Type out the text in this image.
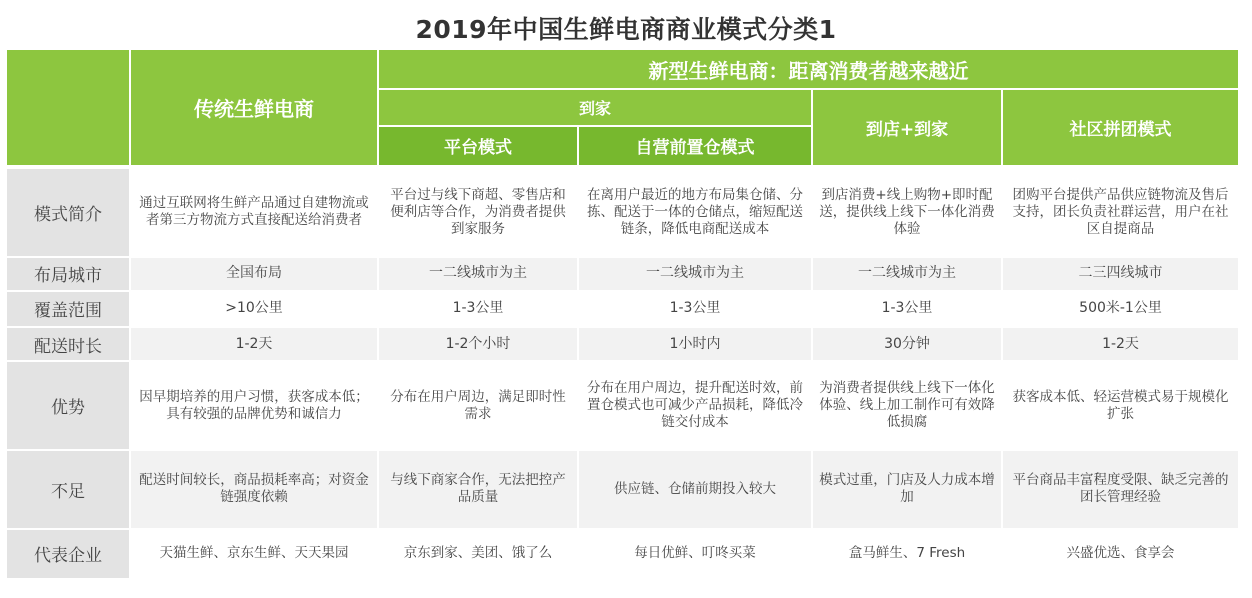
2019年中国生鲜电商商业模式分类1
	传统生鲜电商	新型生鲜电商：距离消费者越来越近			
		到家		到店+到家	社区拼团模式
		平台模式	自营前置仓模式		
模式简介	通过互联网将生鲜产品通过自建物流或者第三方物流方式直接配送给消费者	平台过与线下商超、零售店和便利店等合作，为消费者提供到家服务	在离用户最近的地方布局集仓储、分拣、配送于一体的仓储点，缩短配送链条，降低电商配送成本	到店消费+线上购物+即时配送，提供线上线下一体化消费体验	团购平台提供产品供应链物流及售后支持，团长负责社群运营，用户在社区自提商品
布局城市	全国布局	一二线城市为主	一二线城市为主	一二线城市为主	二三四线城市
覆盖范围	>10公里	1-3公里	1-3公里	1-3公里	500米-1公里
配送时长	1-2天	1-2个小时	1小时内	30分钟	1-2天
优势	因早期培养的用户习惯，获客成本低；具有较强的品牌优势和诚信力	分布在用户周边，满足即时性需求	分布在用户周边，提升配送时效，前置仓模式也可减少产品损耗，降低冷链交付成本	为消费者提供线上线下一体化体验、线上加工制作可有效降低损腐	获客成本低、轻运营模式易于规模化扩张
不足	配送时间较长，商品损耗率高；对资金链强度依赖	与线下商家合作，无法把控产品质量	供应链、仓储前期投入较大	模式过重，门店及人力成本增加	平台商品丰富程度受限、缺乏完善的团长管理经验
代表企业	天猫生鲜、京东生鲜、天天果园	京东到家、美团、饿了么	每日优鲜、叮咚买菜	盒马鲜生、7 Fresh	兴盛优选、食享会
